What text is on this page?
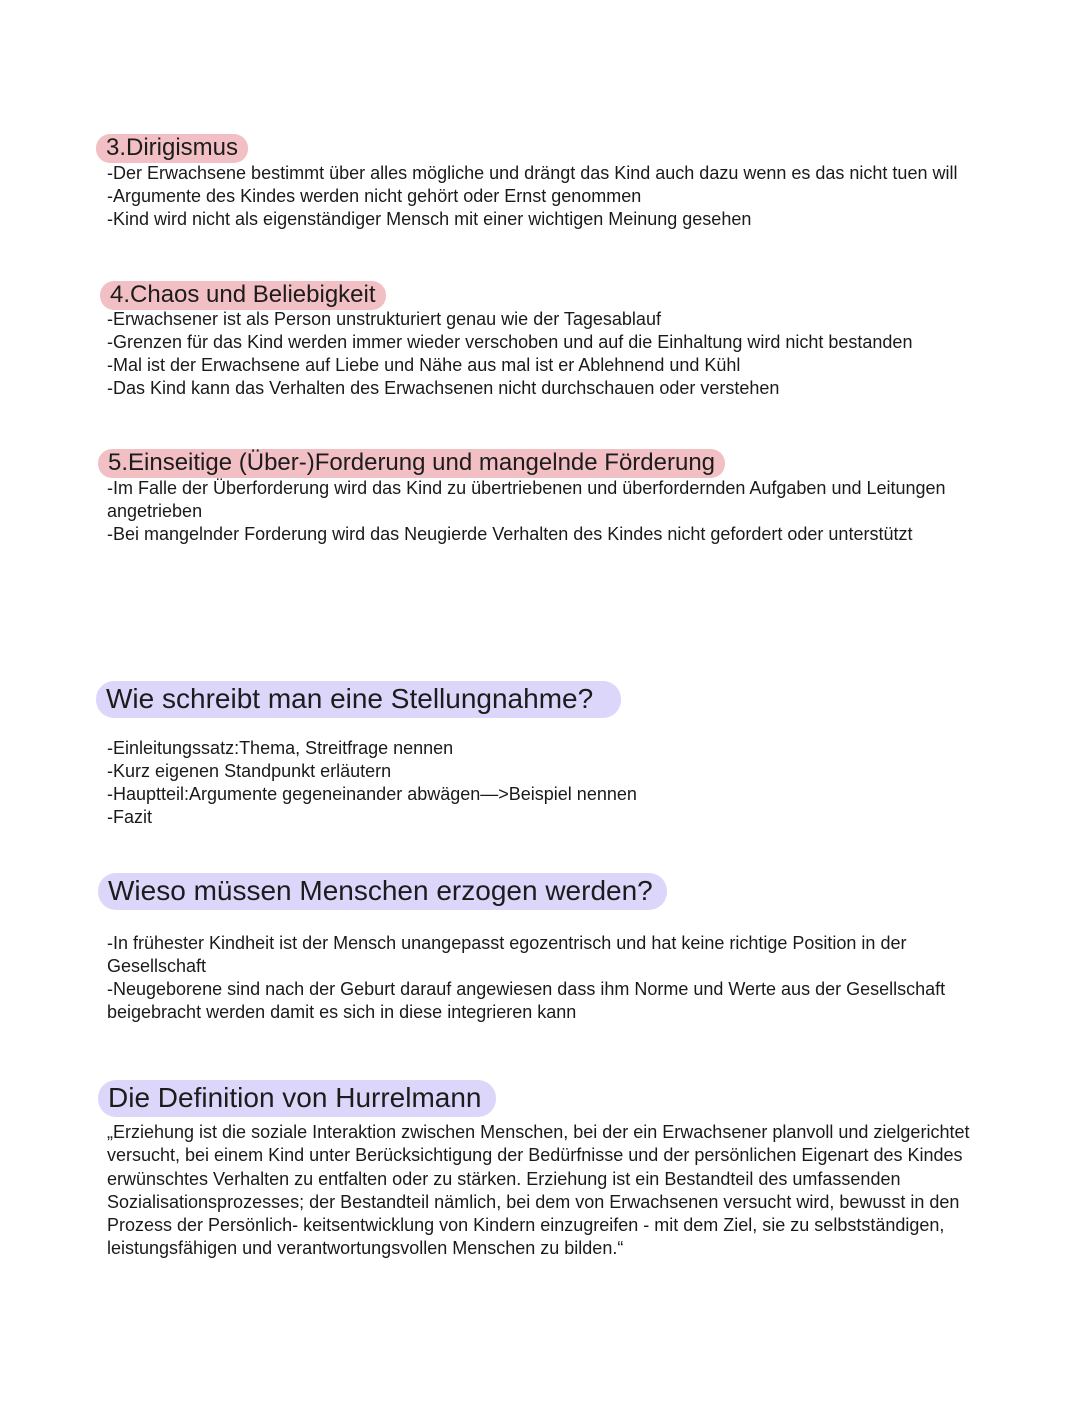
3.Dirigismus

-Der Erwachsene bestimmt über alles mögliche und drängt das Kind auch dazu wenn es das nicht tuen will

-Argumente des Kindes werden nicht gehört oder Ernst genommen

-Kind wird nicht als eigenständiger Mensch mit einer wichtigen Meinung gesehen

4.Chaos und Beliebigkeit

-Erwachsener ist als Person unstrukturiert genau wie der Tagesablauf

-Grenzen für das Kind werden immer wieder verschoben und auf die Einhaltung wird nicht bestanden

-Mal ist der Erwachsene auf Liebe und Nähe aus mal ist er Ablehnend und Kühl

-Das Kind kann das Verhalten des Erwachsenen nicht durchschauen oder verstehen

5.Einseitige (Über-)Forderung und mangelnde Förderung

-Im Falle der Überforderung wird das Kind zu übertriebenen und überfordernden Aufgaben und Leitungen angetrieben

-Bei mangelnder Forderung wird das Neugierde Verhalten des Kindes nicht gefordert oder unterstützt

Wie schreibt man eine Stellungnahme?

-Einleitungssatz:Thema, Streitfrage nennen

-Kurz eigenen Standpunkt erläutern

-Hauptteil:Argumente gegeneinander abwägen—>Beispiel nennen

-Fazit

Wieso müssen Menschen erzogen werden?

-In frühester Kindheit ist der Mensch unangepasst egozentrisch und hat keine richtige Position in der Gesellschaft

-Neugeborene sind nach der Geburt darauf angewiesen dass ihm Norme und Werte aus der Gesellschaft beigebracht werden damit es sich in diese integrieren kann

Die Definition von Hurrelmann
„Erziehung ist die soziale Interaktion zwischen Menschen, bei der ein Erwachsener planvoll und zielgerichtet versucht, bei einem Kind unter Berücksichtigung der Bedürfnisse und der persönlichen Eigenart des Kindes erwünschtes Verhalten zu entfalten oder zu stärken. Erziehung ist ein Bestandteil des umfassenden Sozialisationsprozesses; der Bestandteil nämlich, bei dem von Erwachsenen versucht wird, bewusst in den Prozess der Persönlich- keitsentwicklung von Kindern einzugreifen - mit dem Ziel, sie zu selbstständigen, leistungsfähigen und verantwortungsvollen Menschen zu bilden.“
